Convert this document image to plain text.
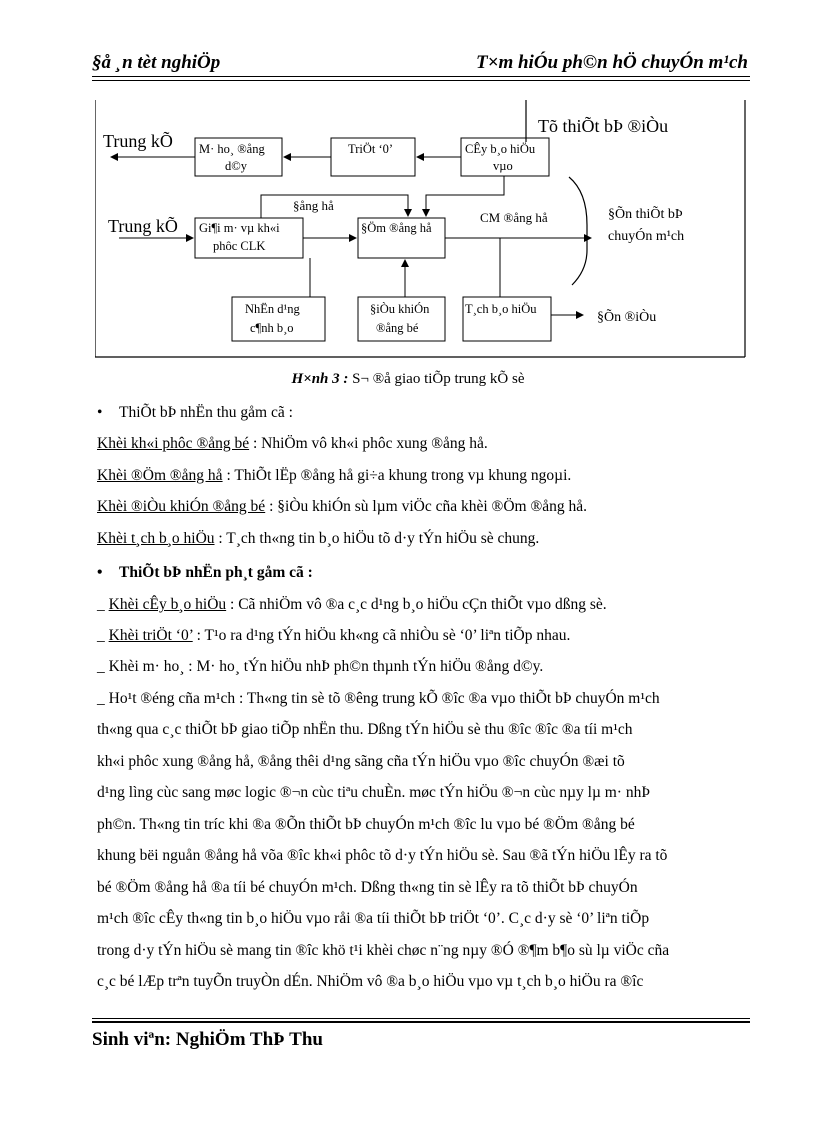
§å ¸n tèt nghiÖp	T×m hiÓu ph©n hÖ chuyÓn m¹ch
Tõ thiÕt bÞ ®iÒu
Trung kÕ
Trung kÕ
M· ho¸ ®ång
d©y
TriÖt ‘0’	CÊy b¸o hiÖu
vµo
Gi¶i m· vµ kh«i
phôc CLK
§Öm ®ång hå
CM ®ång hå
§ång hå
§Õn thiÕt bÞ
chuyÓn m¹ch
NhËn d¹ng
c¶nh b¸o
§iÒu khiÓn
®ång bé
T¸ch b¸o hiÖu
§Õn ®iÒu
H×nh 3 : S¬ ®å giao tiÕp trung kÕ sè
• ThiÕt bÞ nhËn thu gåm cã :
Khèi kh«i phôc ®ång bé : NhiÖm vô kh«i phôc xung ®ång hå.
Khèi ®Öm ®ång hå : ThiÕt lËp ®ång hå gi÷a khung trong vµ khung ngoµi.
Khèi ®iÒu khiÓn ®ång bé : §iÒu khiÓn sù lµm viÖc cña khèi ®Öm ®ång hå.
Khèi t¸ch b¸o hiÖu : T¸ch th«ng tin b¸o hiÖu tõ d·y tÝn hiÖu sè chung.
• ThiÕt bÞ nhËn ph¸t gåm cã :
_ Khèi cÊy b¸o hiÖu : Cã nhiÖm vô ®a c¸c d¹ng b¸o hiÖu cÇn thiÕt vµo dßng sè.
_ Khèi triÖt ‘0’ : T¹o ra d¹ng tÝn hiÖu kh«ng cã nhiÒu sè ‘0’ liªn tiÕp nhau.
_ Khèi m· ho¸ : M· ho¸ tÝn hiÖu nhÞ ph©n thµnh tÝn hiÖu ®ång d©y.
_ Ho¹t ®éng cña m¹ch : Th«ng tin sè tõ ®êng trung kÕ ®îc ®a vµo thiÕt bÞ chuyÓn m¹ch
th«ng qua c¸c thiÕt bÞ giao tiÕp nhËn thu. Dßng tÝn hiÖu sè thu ®îc ®îc ®a tíi m¹ch
kh«i phôc xung ®ång hå, ®ång thêi d¹ng sãng cña tÝn hiÖu vµo ®îc chuyÓn ®æi tõ
d¹ng lìng cùc sang møc logic ®¬n cùc tiªu chuÈn. møc tÝn hiÖu ®¬n cùc nµy lµ m· nhÞ
ph©n. Th«ng tin tríc khi ®a ®Õn thiÕt bÞ chuyÓn m¹ch ®îc lu vµo bé ®Öm ®ång bé
khung bëi nguån ®ång hå võa ®îc kh«i phôc tõ d·y tÝn hiÖu sè. Sau ®ã tÝn hiÖu lÊy ra tõ
bé ®Öm ®ång hå ®a tíi bé chuyÓn m¹ch. Dßng th«ng tin sè lÊy ra tõ thiÕt bÞ chuyÓn
m¹ch ®îc cÊy th«ng tin b¸o hiÖu vµo råi ®a tíi thiÕt bÞ triÖt ‘0’. C¸c d·y sè ‘0’ liªn tiÕp
trong d·y tÝn hiÖu sè mang tin ®îc khö t¹i khèi chøc n¨ng nµy ®Ó ®¶m b¶o sù lµ viÖc cña
c¸c bé lÆp trªn tuyÕn truyÒn dÉn. NhiÖm vô ®a b¸o hiÖu vµo vµ t¸ch b¸o hiÖu ra ®îc
Sinh viªn: NghiÖm ThÞ Thu
